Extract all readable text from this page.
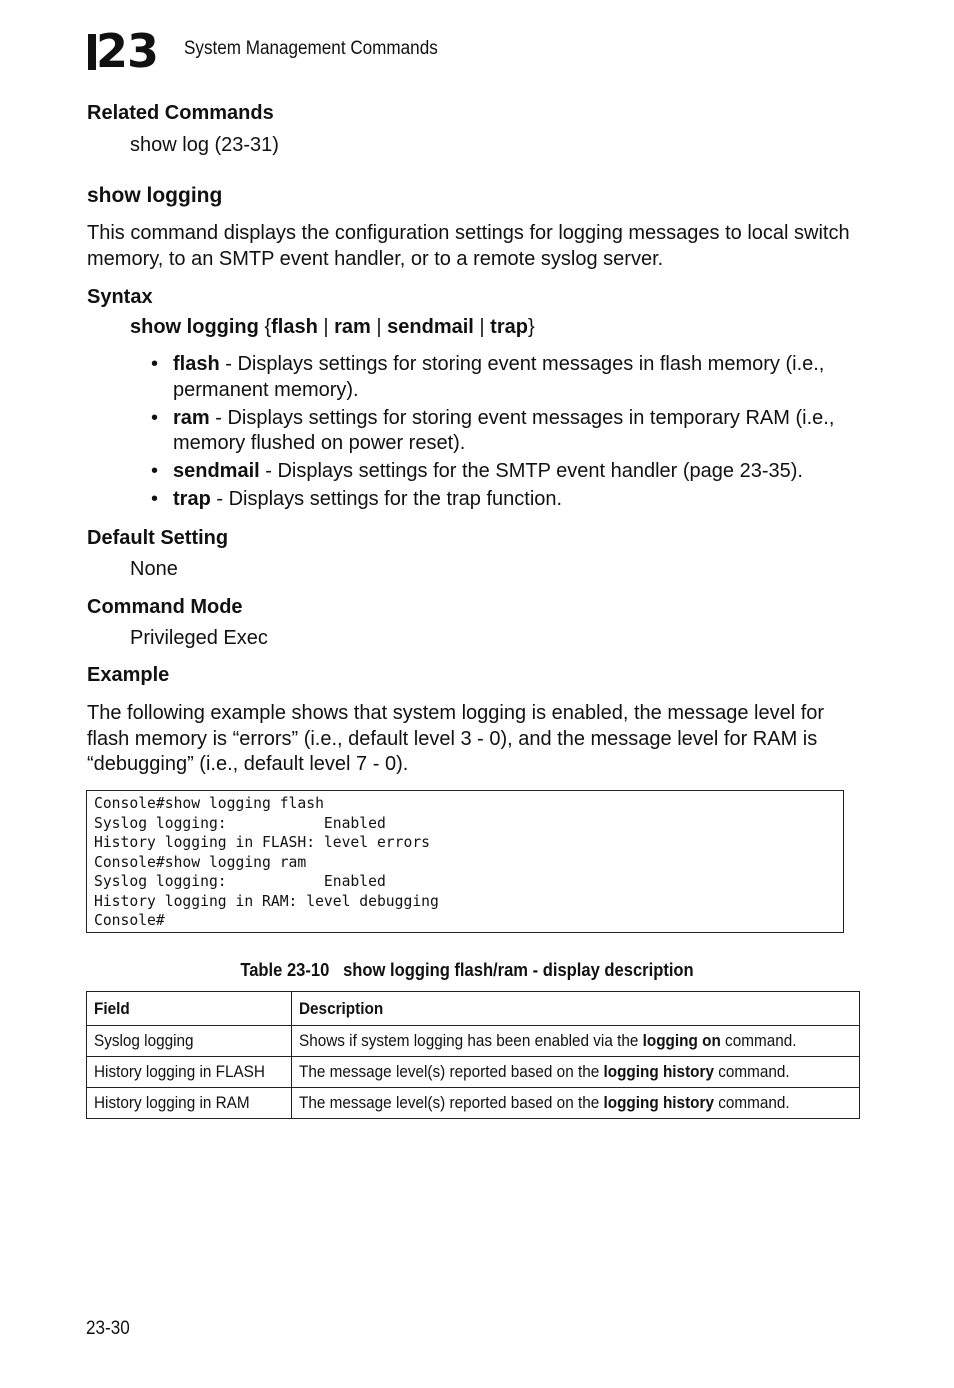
23 System Management Commands
Related Commands
show log (23-31)
show logging
This command displays the configuration settings for logging messages to local switch memory, to an SMTP event handler, or to a remote syslog server.
Syntax
show logging {flash | ram | sendmail | trap}
• flash - Displays settings for storing event messages in flash memory (i.e., permanent memory).
• ram - Displays settings for storing event messages in temporary RAM (i.e., memory flushed on power reset).
• sendmail - Displays settings for the SMTP event handler (page 23-35).
• trap - Displays settings for the trap function.
Default Setting
None
Command Mode
Privileged Exec
Example
The following example shows that system logging is enabled, the message level for flash memory is “errors” (i.e., default level 3 - 0), and the message level for RAM is “debugging” (i.e., default level 7 - 0).
Console#show logging flash
Syslog logging:           Enabled
History logging in FLASH: level errors
Console#show logging ram
Syslog logging:           Enabled
History logging in RAM: level debugging
Console#
Table 23-10   show logging flash/ram - display description
Field	Description
Syslog logging	Shows if system logging has been enabled via the logging on command.
History logging in FLASH	The message level(s) reported based on the logging history command.
History logging in RAM	The message level(s) reported based on the logging history command.
23-30
